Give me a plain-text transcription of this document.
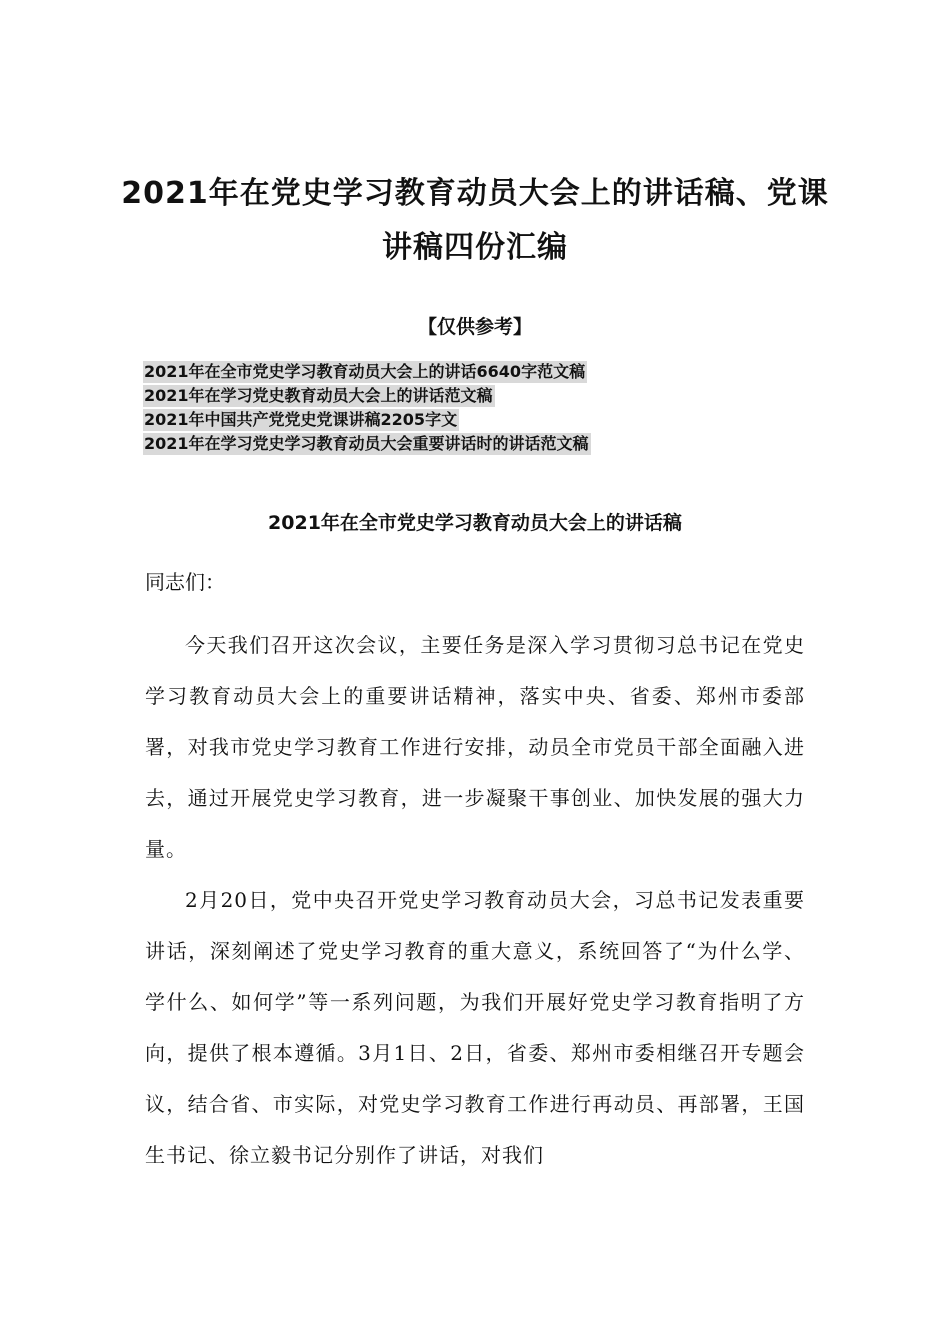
2021年在党史学习教育动员大会上的讲话稿、党课
讲稿四份汇编
【仅供参考】
2021年在全市党史学习教育动员大会上的讲话6640字范文稿
2021年在学习党史教育动员大会上的讲话范文稿
2021年中国共产党党史党课讲稿2205字文
2021年在学习党史学习教育动员大会重要讲话时的讲话范文稿
2021年在全市党史学习教育动员大会上的讲话稿
同志们：

今天我们召开这次会议，主要任务是深入学习贯彻习总书记在党史学习教育动员大会上的重要讲话精神，落实中央、省委、郑州市委部署，对我市党史学习教育工作进行安排，动员全市党员干部全面融入进去，通过开展党史学习教育，进一步凝聚干事创业、加快发展的强大力量。

2月20日，党中央召开党史学习教育动员大会，习总书记发表重要讲话，深刻阐述了党史学习教育的重大意义，系统回答了“为什么学、学什么、如何学”等一系列问题，为我们开展好党史学习教育指明了方向，提供了根本遵循。3月1日、2日，省委、郑州市委相继召开专题会议，结合省、市实际，对党史学习教育工作进行再动员、再部署，王国生书记、徐立毅书记分别作了讲话，对我们
